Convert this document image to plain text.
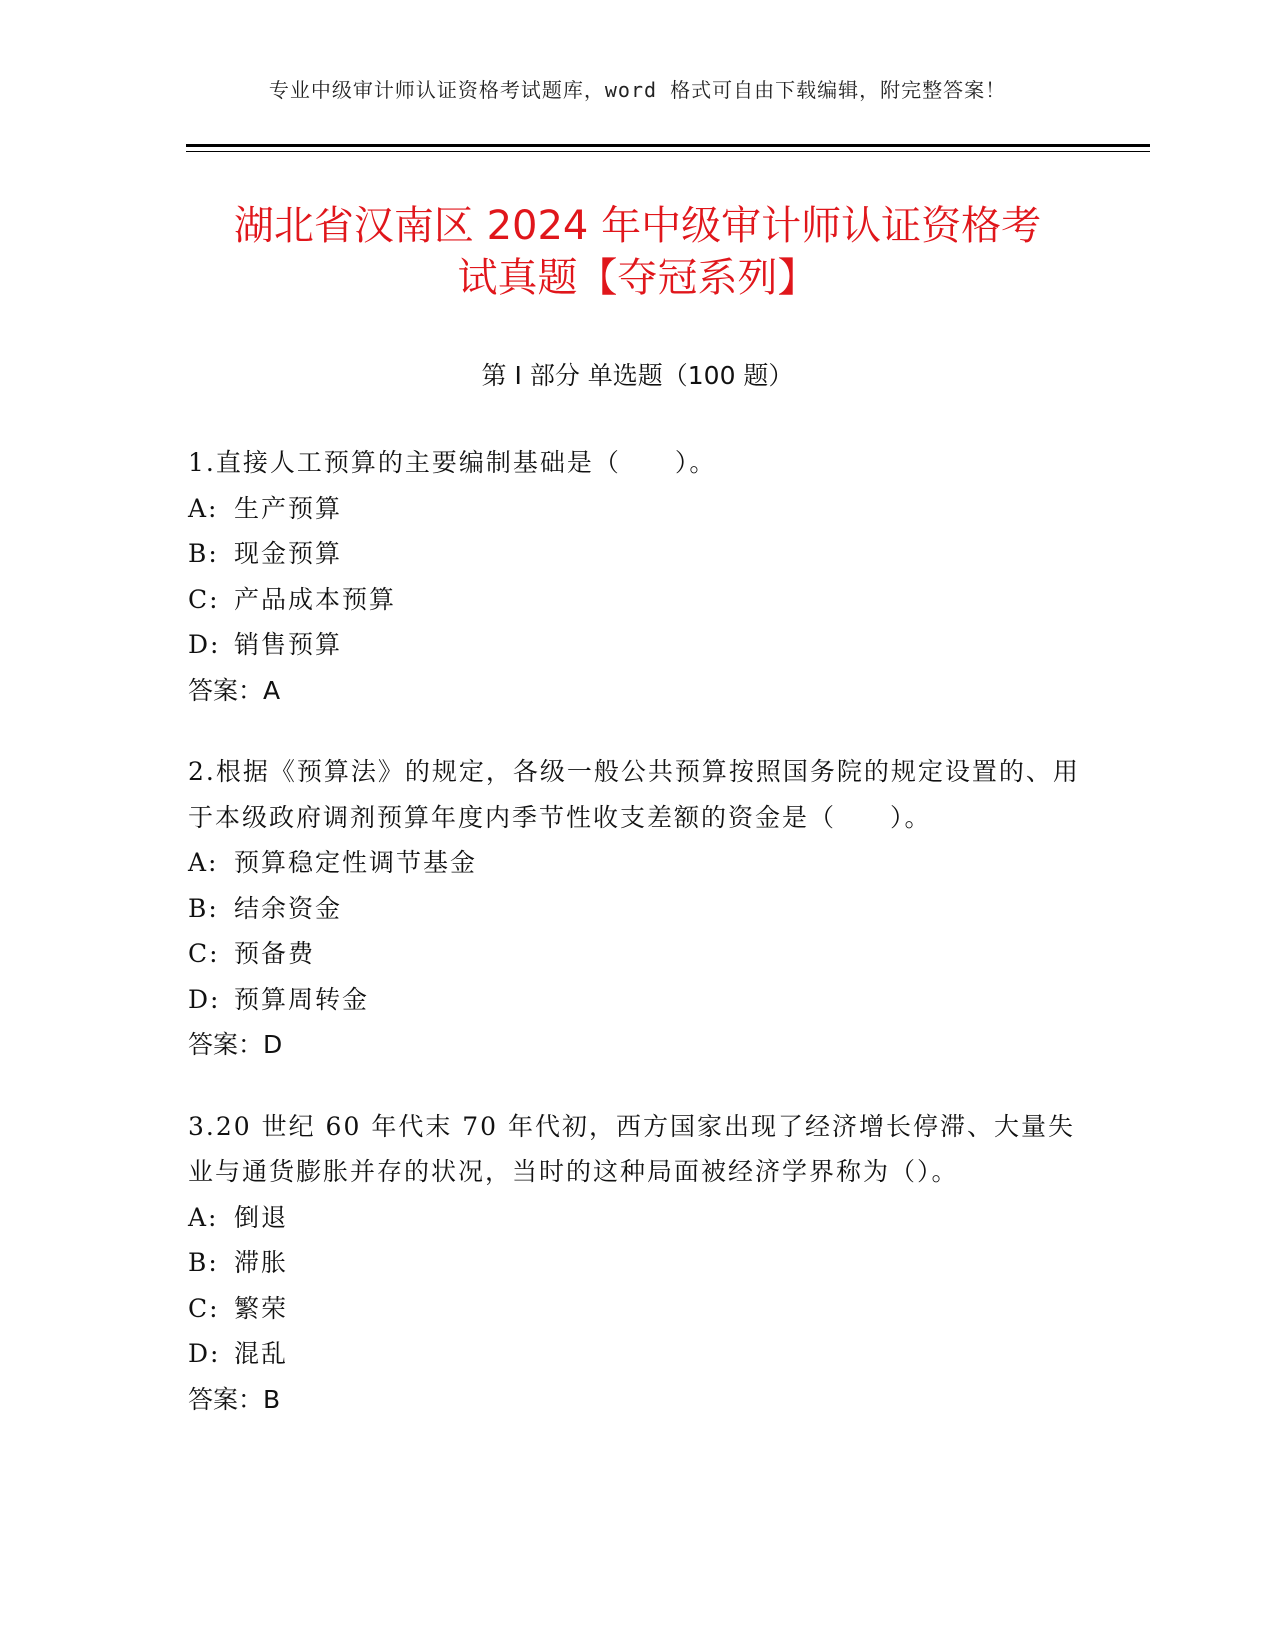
专业中级审计师认证资格考试题库，word 格式可自由下载编辑，附完整答案！
湖北省汉南区 2024 年中级审计师认证资格考
试真题【夺冠系列】
第 I 部分 单选题（100 题）
1.直接人工预算的主要编制基础是（　　）。
A: 生产预算
B: 现金预算
C: 产品成本预算
D: 销售预算
答案：A
2.根据《预算法》的规定，各级一般公共预算按照国务院的规定设置的、用于本级政府调剂预算年度内季节性收支差额的资金是（　　）。
A: 预算稳定性调节基金
B: 结余资金
C: 预备费
D: 预算周转金
答案：D
3.20 世纪 60 年代末 70 年代初，西方国家出现了经济增长停滞、大量失业与通货膨胀并存的状况，当时的这种局面被经济学界称为（）。
A: 倒退
B: 滞胀
C: 繁荣
D: 混乱
答案：B
